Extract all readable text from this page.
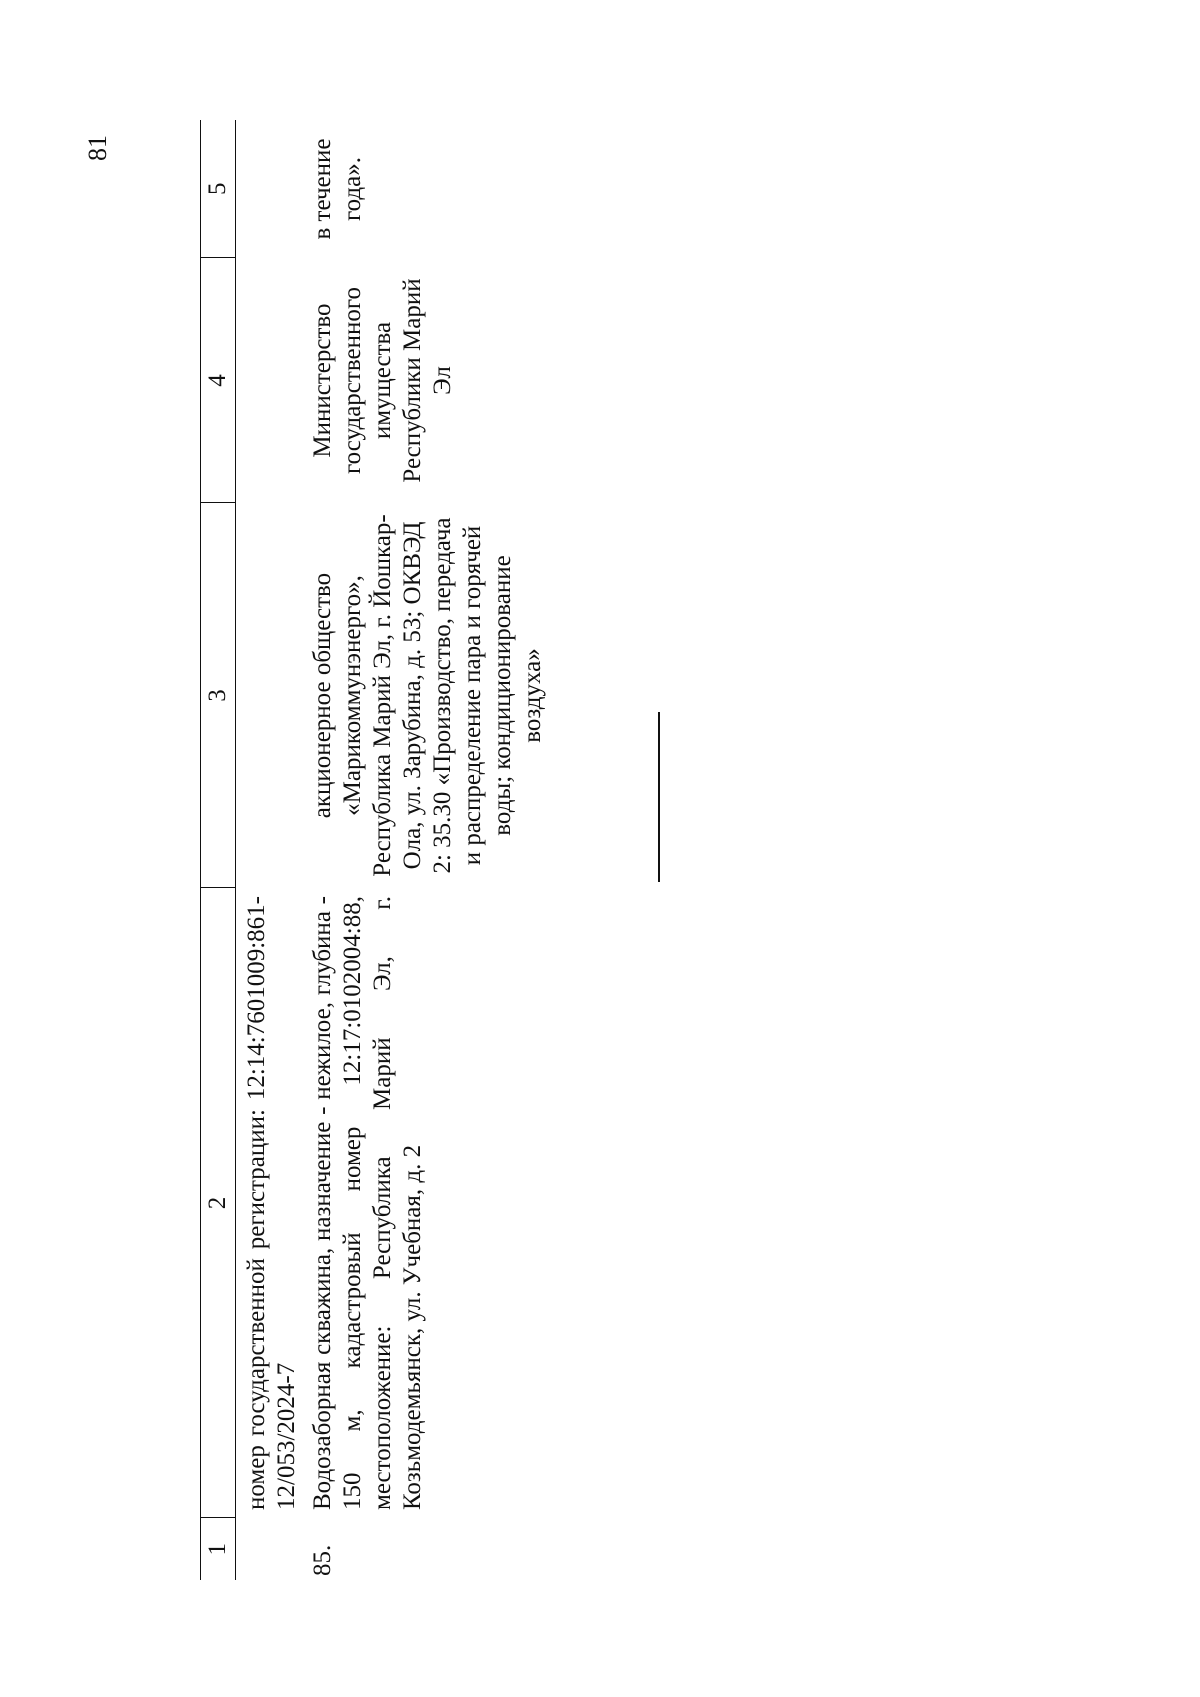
81
1	2	3	4	5
	номер государственной регистрации: 12:14:7601009:861-12/053/2024-7			
85.	Водозаборная скважина, назначение - нежилое, глубина - 150 м, кадастровый номер 12:17:0102004:88, местоположение: Республика Марий Эл, г. Козьмодемьянск, ул. Учебная, д. 2	акционерное общество «Марикоммунэнерго», Республика Марий Эл, г. Йошкар-Ола, ул. Зарубина, д. 53; ОКВЭД 2: 35.30 «Производство, передача и распределение пара и горячей воды; кондиционирование воздуха»	Министерство государственного имущества Республики Марий Эл	в течение года».
